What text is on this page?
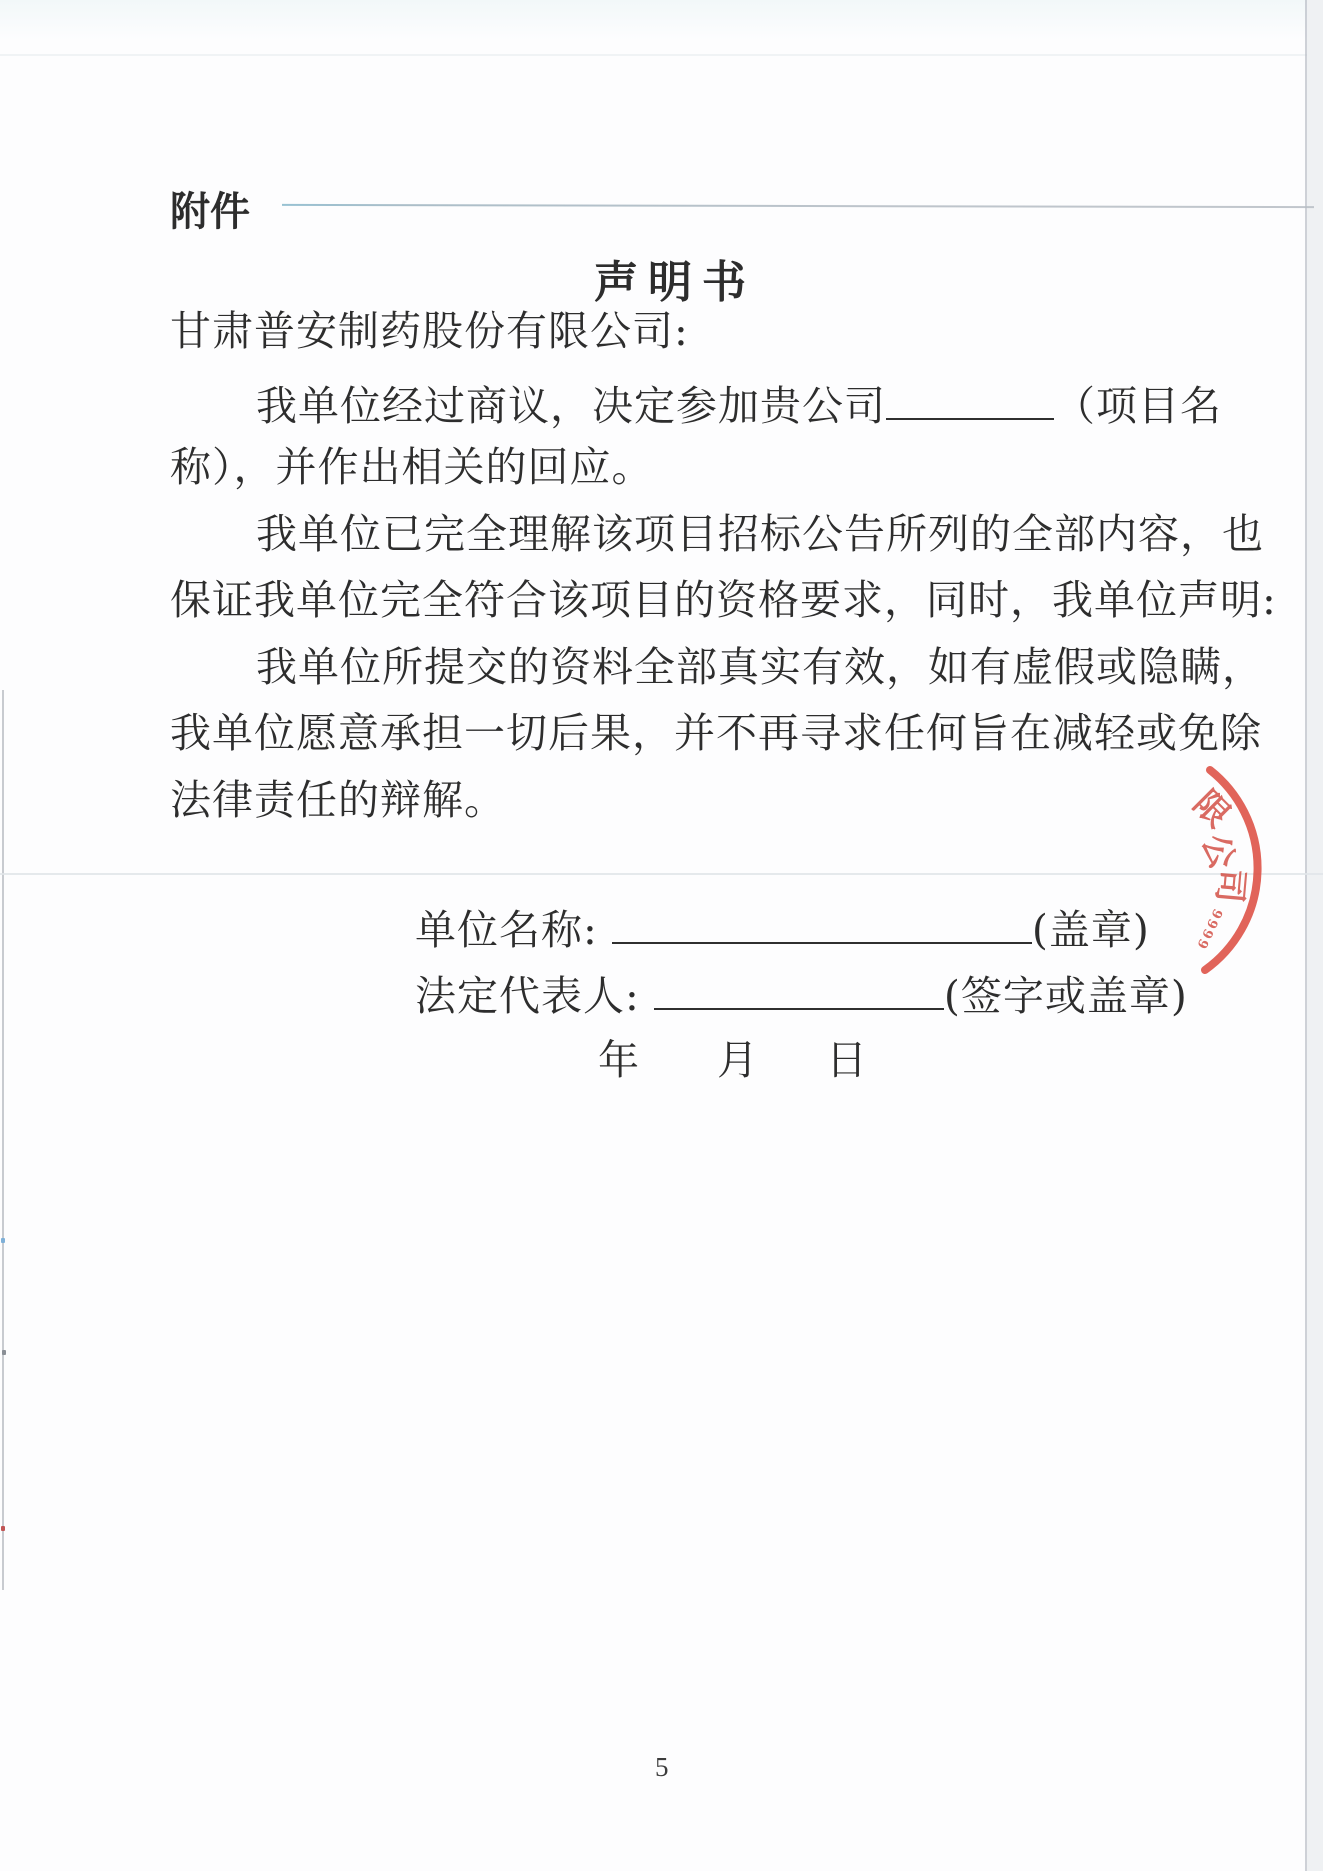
附件
声明书
甘肃普安制药股份有限公司:
我单位经过商议，决定参加贵公司	（项目名
称），并作出相关的回应。
我单位已完全理解该项目招标公告所列的全部内容，也
保证我单位完全符合该项目的资格要求，同时，我单位声明:
我单位所提交的资料全部真实有效，如有虚假或隐瞒，
我单位愿意承担一切后果，并不再寻求任何旨在减轻或免除
法律责任的辩解。
单位名称:	(盖章)
法定代表人:	(签字或盖章)
年 月 日
限
公
司
9999
5
